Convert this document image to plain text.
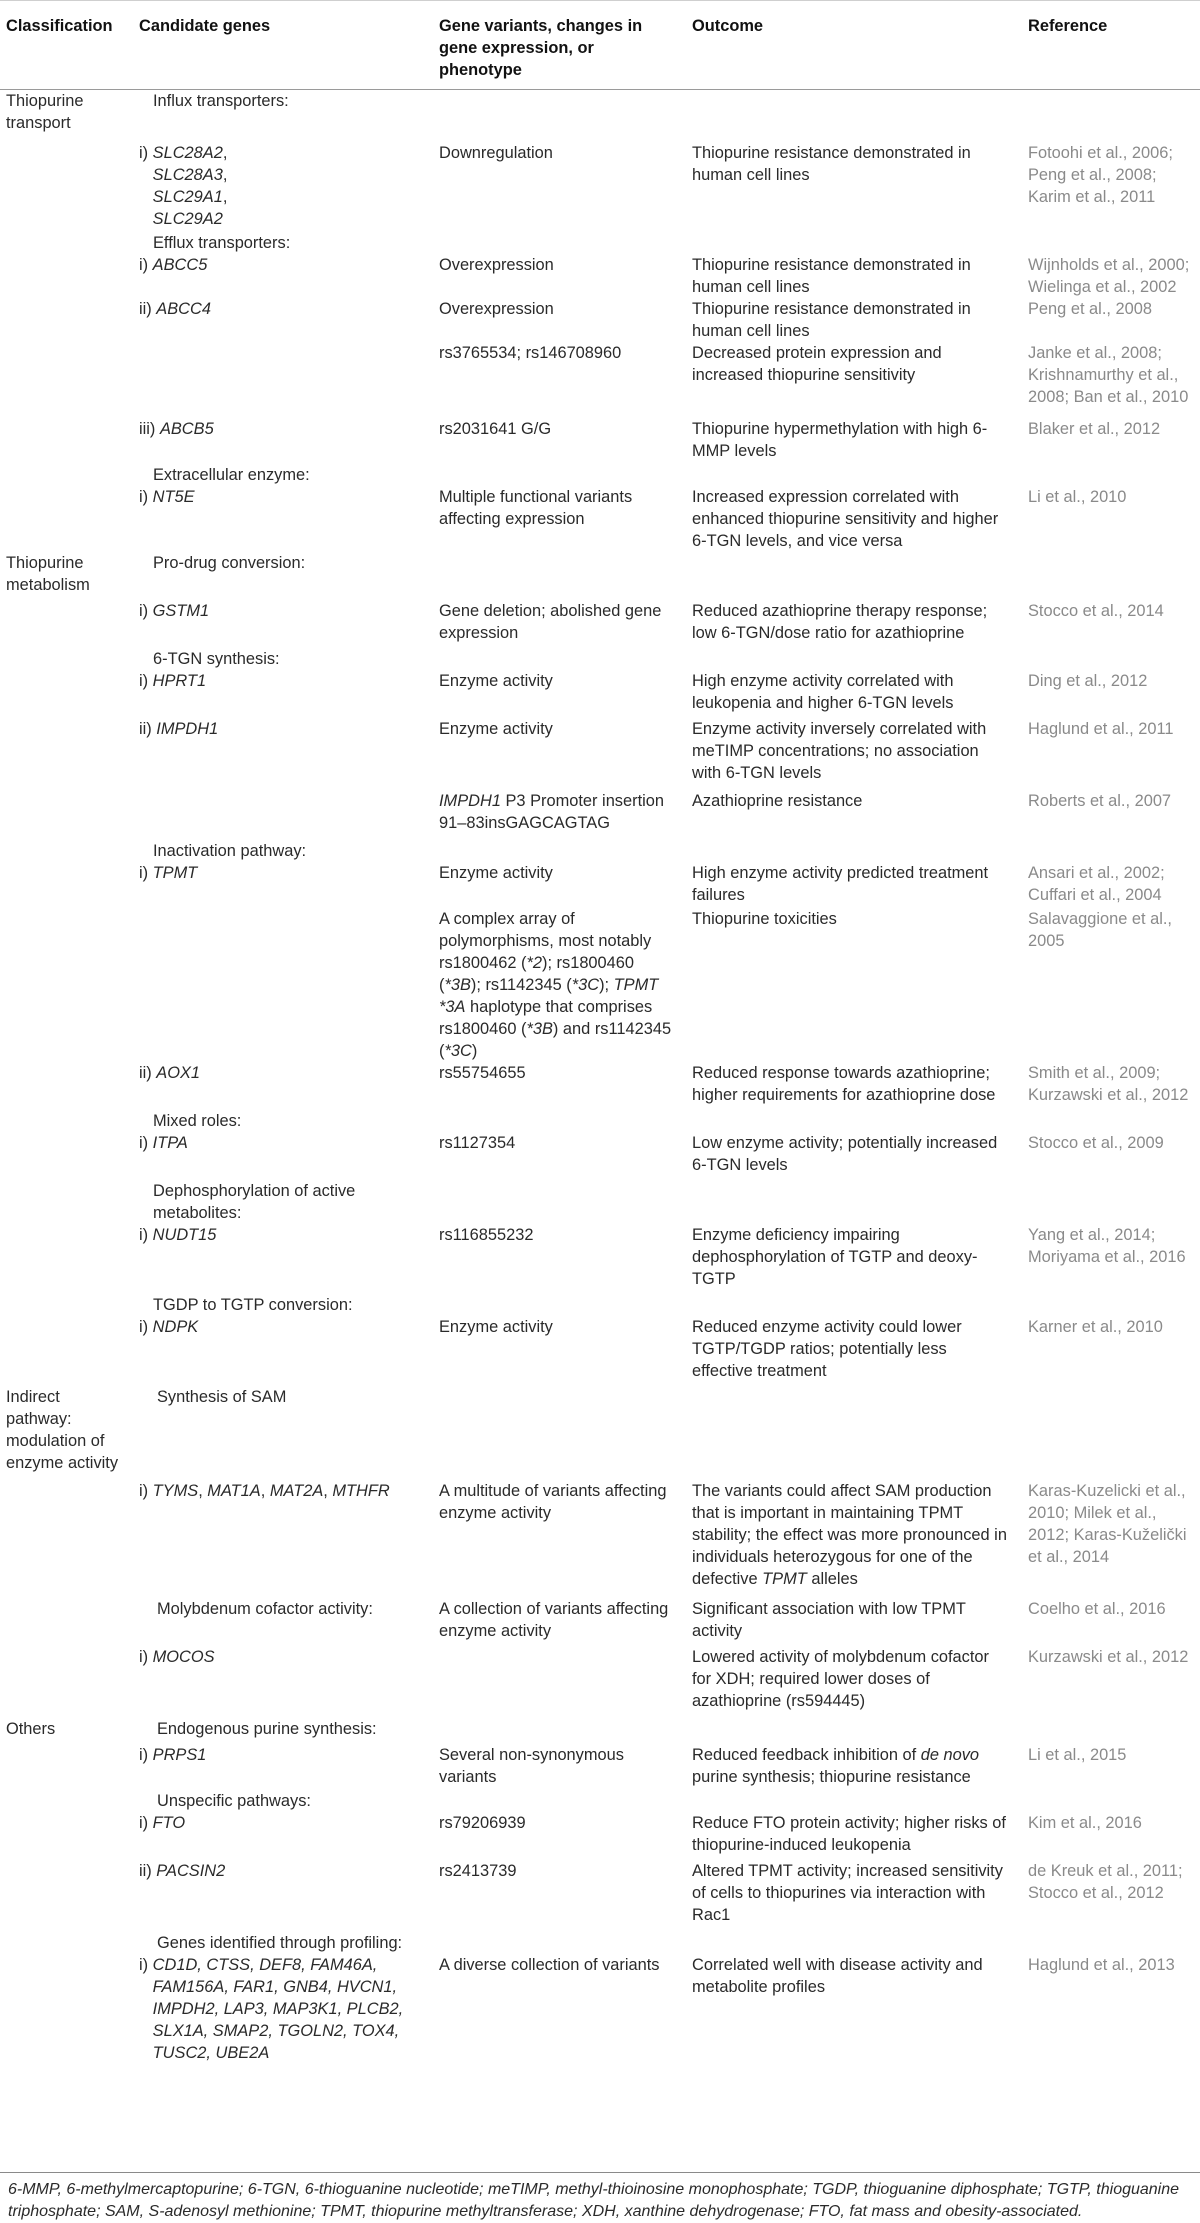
Classification	Candidate genes	Gene variants, changes in gene expression, or phenotype	Outcome	Reference
Thiopurine transport	Influx transporters:			

	i) SLC28A2,
SLC28A3,
SLC29A1,
SLC29A2	Downregulation	Thiopurine resistance demonstrated in human cell lines	Fotoohi et al., 2006; Peng et al., 2008; Karim et al., 2011

	Efflux transporters:			

	i) ABCC5	Overexpression	Thiopurine resistance demonstrated in human cell lines	Wijnholds et al., 2000; Wielinga et al., 2002

	ii) ABCC4	Overexpression	Thiopurine resistance demonstrated in human cell lines	Peng et al., 2008
		rs3765534; rs146708960	Decreased protein expression and increased thiopurine sensitivity	Janke et al., 2008; Krishnamurthy et al., 2008; Ban et al., 2010

	iii) ABCB5	rs2031641 G/G	Thiopurine hypermethylation with high 6-MMP levels	Blaker et al., 2012

	Extracellular enzyme:			

	i) NT5E	Multiple functional variants affecting expression	Increased expression correlated with enhanced thiopurine sensitivity and higher 6-TGN levels, and vice versa	Li et al., 2010
Thiopurine metabolism	Pro-drug conversion:			

	i) GSTM1	Gene deletion; abolished gene expression	Reduced azathioprine therapy response; low 6-TGN/dose ratio for azathioprine	Stocco et al., 2014

	6-TGN synthesis:			

	i) HPRT1	Enzyme activity	High enzyme activity correlated with leukopenia and higher 6-TGN levels	Ding et al., 2012

	ii) IMPDH1	Enzyme activity	Enzyme activity inversely correlated with meTIMP concentrations; no association with 6-TGN levels	Haglund et al., 2011
		IMPDH1 P3 Promoter insertion 91–83insGAGCAGTAG	Azathioprine resistance	Roberts et al., 2007

	Inactivation pathway:			

	i) TPMT	Enzyme activity	High enzyme activity predicted treatment failures	Ansari et al., 2002; Cuffari et al., 2004
		A complex array of polymorphisms, most notably rs1800462 (*2); rs1800460 (*3B); rs1142345 (*3C); TPMT *3A haplotype that comprises rs1800460 (*3B) and rs1142345 (*3C)	Thiopurine toxicities	Salavaggione et al., 2005

	ii) AOX1	rs55754655	Reduced response towards azathioprine; higher requirements for azathioprine dose	Smith et al., 2009; Kurzawski et al., 2012

	Mixed roles:			

	i) ITPA	rs1127354	Low enzyme activity; potentially increased 6-TGN levels	Stocco et al., 2009

	Dephosphorylation of active metabolites:			

	i) NUDT15	rs116855232	Enzyme deficiency impairing dephosphorylation of TGTP and deoxy-TGTP	Yang et al., 2014; Moriyama et al., 2016

	TGDP to TGTP conversion:			

	i) NDPK	Enzyme activity	Reduced enzyme activity could lower TGTP/TGDP ratios; potentially less effective treatment	Karner et al., 2010
Indirect pathway: modulation of enzyme activity	Synthesis of SAM			

	i) TYMS, MAT1A, MAT2A, MTHFR	A multitude of variants affecting enzyme activity	The variants could affect SAM production that is important in maintaining TPMT stability; the effect was more pronounced in individuals heterozygous for one of the defective TPMT alleles	Karas-Kuzelicki et al., 2010; Milek et al., 2012; Karas-Kuželički et al., 2014

	Molybdenum cofactor activity:	A collection of variants affecting enzyme activity	Significant association with low TPMT activity	Coelho et al., 2016

	i) MOCOS		Lowered activity of molybdenum cofactor for XDH; required lower doses of azathioprine (rs594445)	Kurzawski et al., 2012
Others	Endogenous purine synthesis:			

	i) PRPS1	Several non-synonymous variants	Reduced feedback inhibition of de novo purine synthesis; thiopurine resistance	Li et al., 2015

	Unspecific pathways:			

	i) FTO	rs79206939	Reduce FTO protein activity; higher risks of thiopurine-induced leukopenia	Kim et al., 2016

	ii) PACSIN2	rs2413739	Altered TPMT activity; increased sensitivity of cells to thiopurines via interaction with Rac1	de Kreuk et al., 2011; Stocco et al., 2012

	Genes identified through profiling:			

	i) CD1D, CTSS, DEF8, FAM46A, FAM156A, FAR1, GNB4, HVCN1, IMPDH2, LAP3, MAP3K1, PLCB2, SLX1A, SMAP2, TGOLN2, TOX4, TUSC2, UBE2A	A diverse collection of variants	Correlated well with disease activity and metabolite profiles	Haglund et al., 2013
6-MMP, 6-methylmercaptopurine; 6-TGN, 6-thioguanine nucleotide; meTIMP, methyl-thioinosine monophosphate; TGDP, thioguanine diphosphate; TGTP, thioguanine triphosphate; SAM, S-adenosyl methionine; TPMT, thiopurine methyltransferase; XDH, xanthine dehydrogenase; FTO, fat mass and obesity-associated.
